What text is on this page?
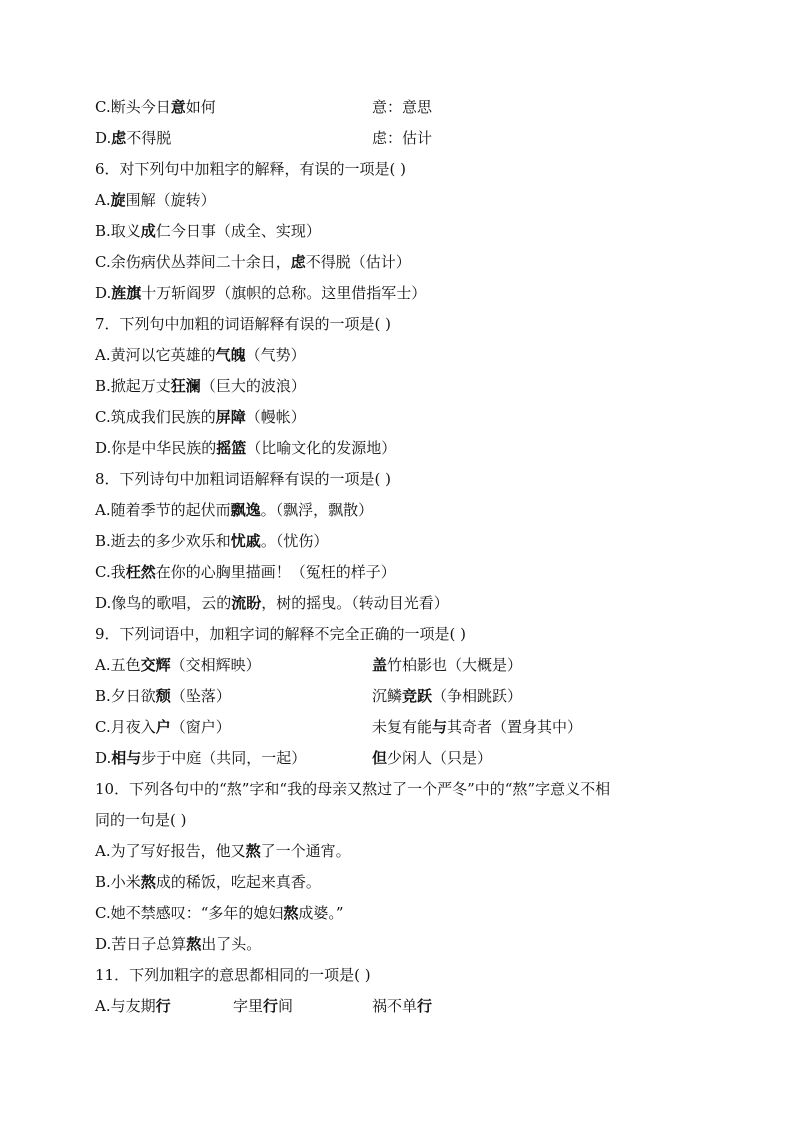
C.断头今日意如何	意：意思
D.虑不得脱	虑：估计
6．对下列句中加粗字的解释，有误的一项是( )
A.旋围解（旋转）
B.取义成仁今日事（成全、实现）
C.余伤病伏丛莽间二十余日，虑不得脱（估计）
D.旌旗十万斩阎罗（旗帜的总称。这里借指军士）
7．下列句中加粗的词语解释有误的一项是( )
A.黄河以它英雄的气魄（气势）
B.掀起万丈狂澜（巨大的波浪）
C.筑成我们民族的屏障（幔帐）
D.你是中华民族的摇篮（比喻文化的发源地）
8．下列诗句中加粗词语解释有误的一项是( )
A.随着季节的起伏而飘逸。（飘浮，飘散）
B.逝去的多少欢乐和忧戚。（忧伤）
C.我枉然在你的心胸里描画！（冤枉的样子）
D.像鸟的歌唱，云的流盼，树的摇曳。（转动目光看）
9．下列词语中，加粗字词的解释不完全正确的一项是( )
A.五色交辉（交相辉映）	盖竹柏影也（大概是）
B.夕日欲颓（坠落）	沉鳞竞跃（争相跳跃）
C.月夜入户（窗户）	未复有能与其奇者（置身其中）
D.相与步于中庭（共同，一起）	但少闲人（只是）
10．下列各句中的“熬”字和“我的母亲又熬过了一个严冬”中的“熬”字意义不相
同的一句是( )
A.为了写好报告，他又熬了一个通宵。
B.小米熬成的稀饭，吃起来真香。
C.她不禁感叹：“多年的媳妇熬成婆。”
D.苦日子总算熬出了头。
11．下列加粗字的意思都相同的一项是( )
A.与友期行	字里行间	祸不单行
